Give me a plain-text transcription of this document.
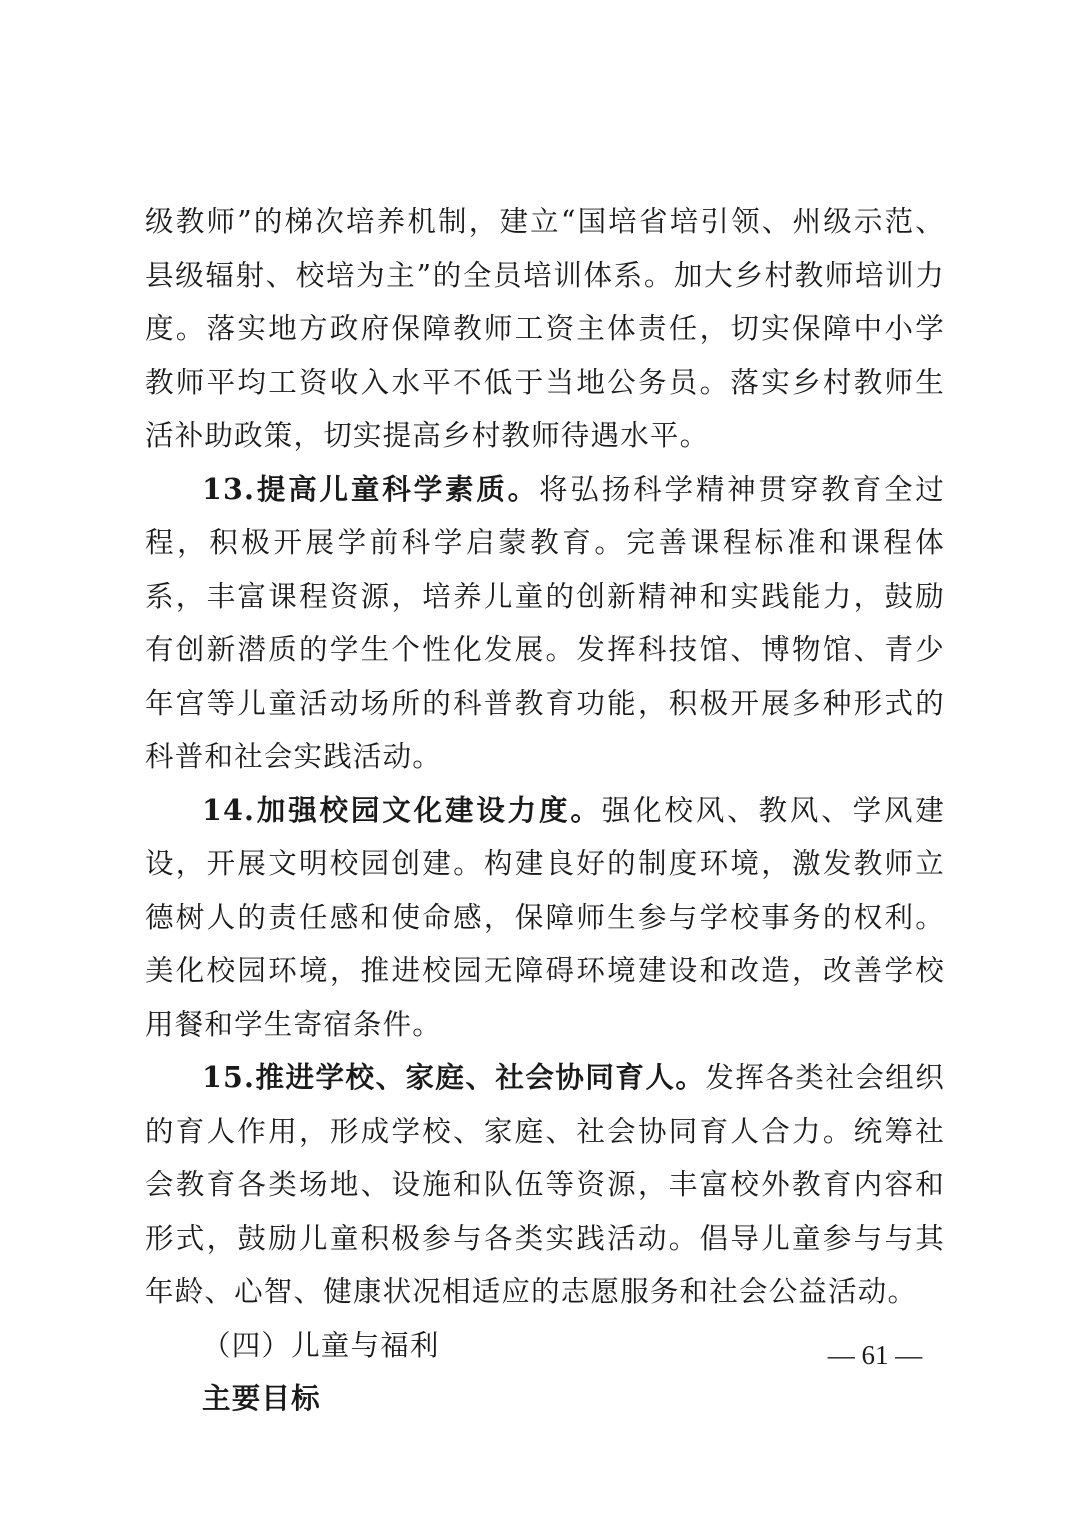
级教师”的梯次培养机制，建立“国培省培引领、州级示范、县级辐射、校培为主”的全员培训体系。加大乡村教师培训力度。落实地方政府保障教师工资主体责任，切实保障中小学教师平均工资收入水平不低于当地公务员。落实乡村教师生活补助政策，切实提高乡村教师待遇水平。

13.提高儿童科学素质。将弘扬科学精神贯穿教育全过程，积极开展学前科学启蒙教育。完善课程标准和课程体系，丰富课程资源，培养儿童的创新精神和实践能力，鼓励有创新潜质的学生个性化发展。发挥科技馆、博物馆、青少年宫等儿童活动场所的科普教育功能，积极开展多种形式的科普和社会实践活动。

14.加强校园文化建设力度。强化校风、教风、学风建设，开展文明校园创建。构建良好的制度环境，激发教师立德树人的责任感和使命感，保障师生参与学校事务的权利。美化校园环境，推进校园无障碍环境建设和改造，改善学校用餐和学生寄宿条件。

15.推进学校、家庭、社会协同育人。发挥各类社会组织的育人作用，形成学校、家庭、社会协同育人合力。统筹社会教育各类场地、设施和队伍等资源，丰富校外教育内容和形式，鼓励儿童积极参与各类实践活动。倡导儿童参与与其年龄、心智、健康状况相适应的志愿服务和社会公益活动。

（四）儿童与福利

主要目标

— 61 —
